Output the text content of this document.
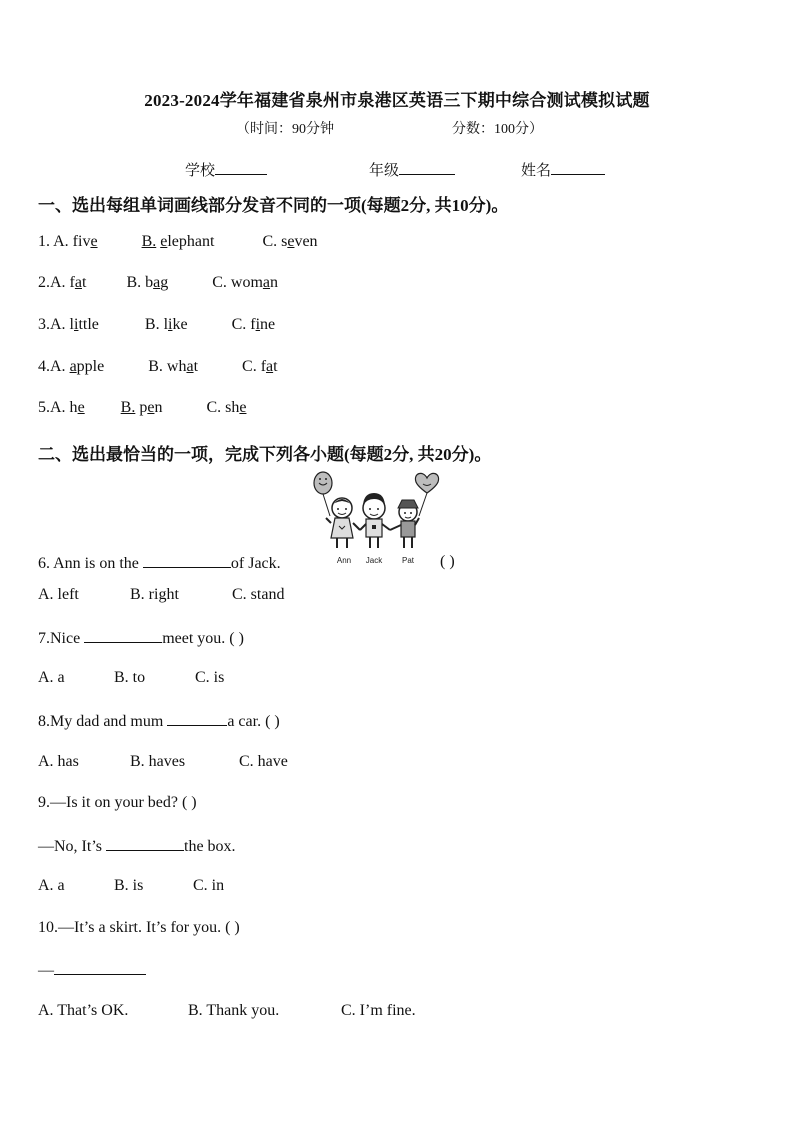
2023-2024学年福建省泉州市泉港区英语三下期中综合测试模拟试题
（时间：90分钟	分数：100分）
学校	年级	姓名
一、选出每组单词画线部分发音不同的一项(每题2分, 共10分)。
1. A. five	B. elephant	C. seven
2.A. fat	B. bag	C. woman
3.A. little	B. like	C. fine
4.A. apple	B. what	C. fat
5.A. he B. pen	C. she
二、选出最恰当的一项，完成下列各小题(每题2分, 共20分)。
Ann Jack Pat
6. Ann is on the	of Jack.	( )
A. left	B. right	C. stand
7.Nice	meet you. ( )
A. a	B. to	C. is
8.My dad and mum	a car. ( )
A. has	B. haves	C. have
9.—Is it on your bed? ( )
—No, It’s	the box.
A. a	B. is	C. in
10.—It’s a skirt. It’s for you. ( )
—
A. That’s OK.	B. Thank you.	C. I’m fine.
